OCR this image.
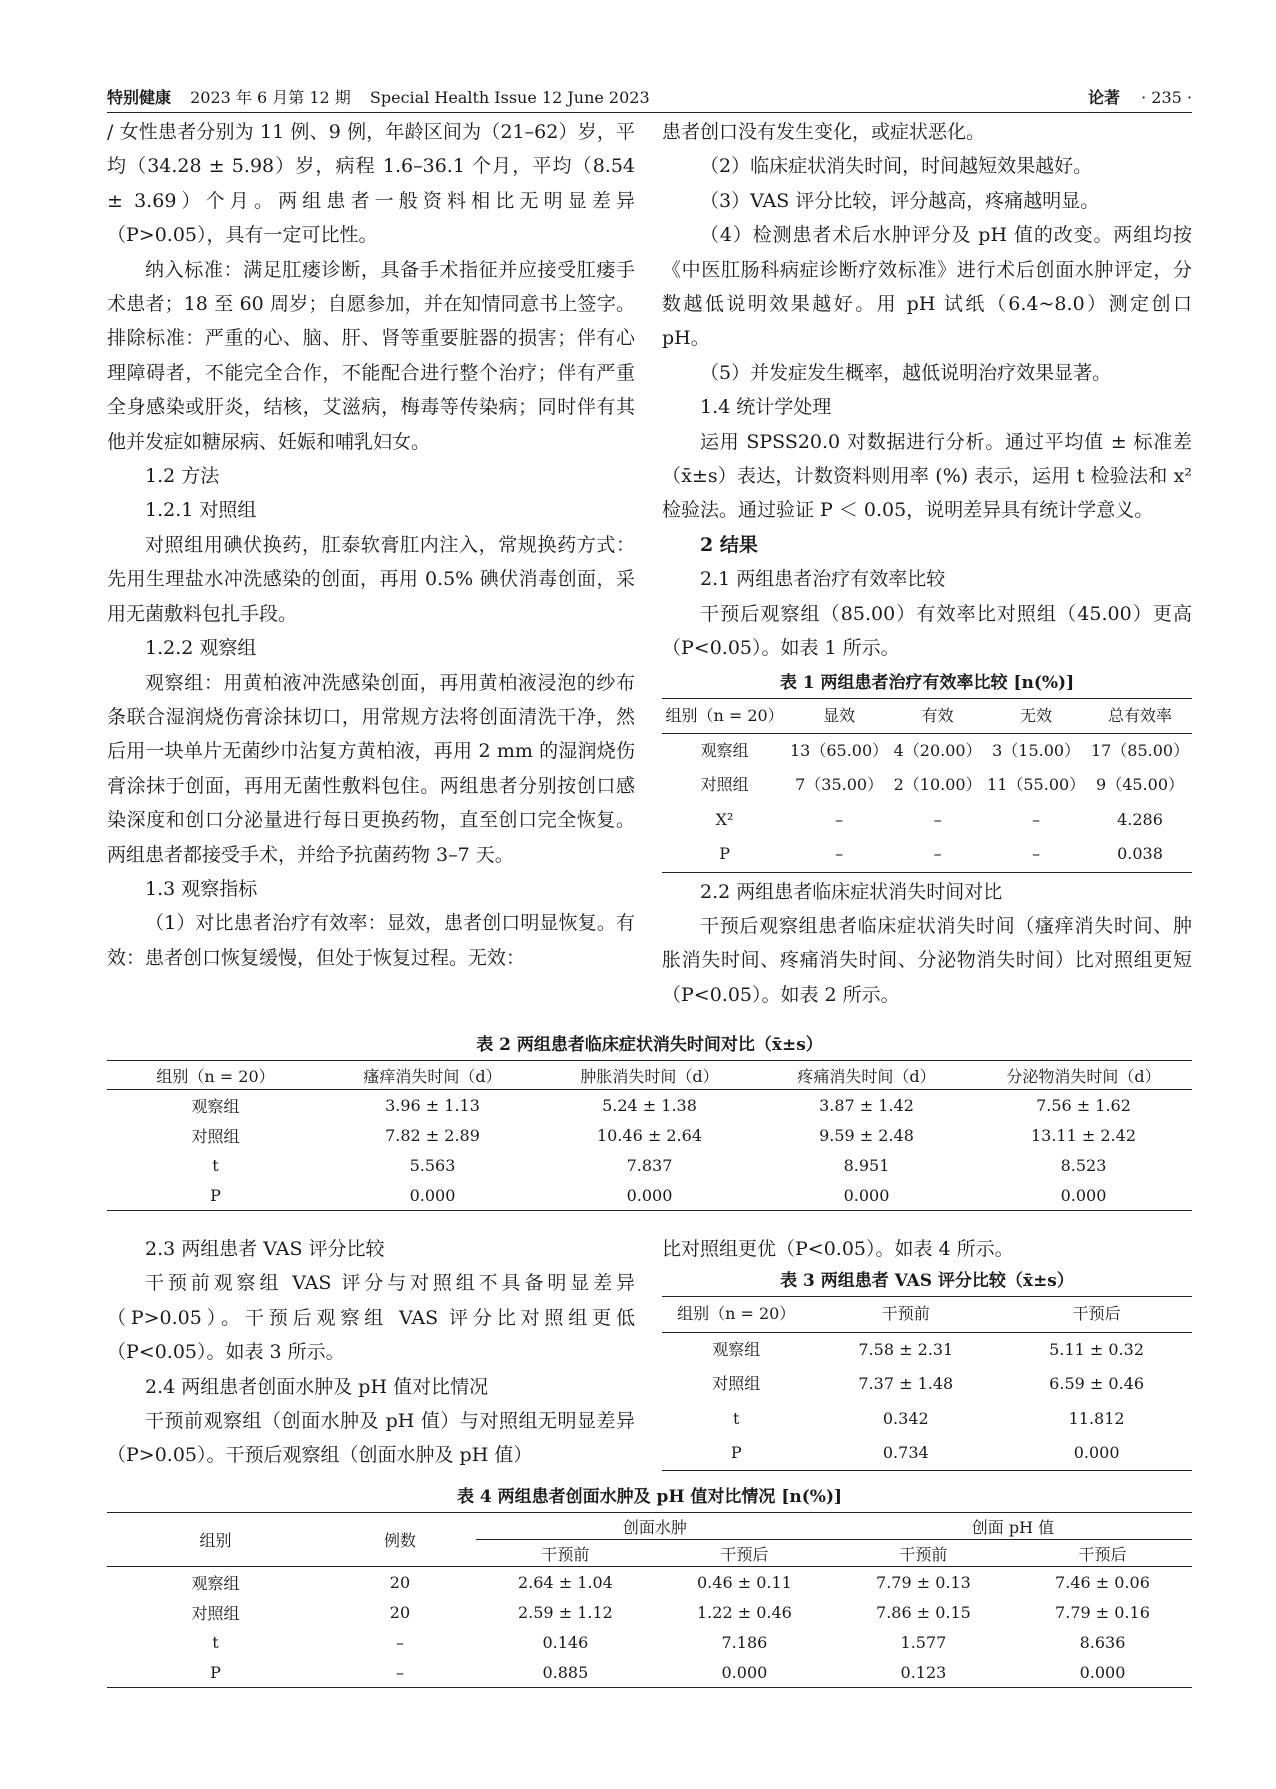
特别健康 2023 年 6 月第 12 期 Special Health Issue 12 June 2023	论著 · 235 ·

/ 女性患者分别为 11 例、9 例，年龄区间为（21–62）岁，平均（34.28 ± 5.98）岁，病程 1.6–36.1 个月，平均（8.54 ± 3.69）个月。两组患者一般资料相比无明显差异（P>0.05），具有一定可比性。

纳入标准：满足肛瘘诊断，具备手术指征并应接受肛瘘手术患者；18 至 60 周岁；自愿参加，并在知情同意书上签字。排除标准：严重的心、脑、肝、肾等重要脏器的损害；伴有心理障碍者，不能完全合作，不能配合进行整个治疗；伴有严重全身感染或肝炎，结核，艾滋病，梅毒等传染病；同时伴有其他并发症如糖尿病、妊娠和哺乳妇女。

1.2 方法

1.2.1 对照组

对照组用碘伏换药，肛泰软膏肛内注入，常规换药方式：先用生理盐水冲洗感染的创面，再用 0.5% 碘伏消毒创面，采用无菌敷料包扎手段。

1.2.2 观察组

观察组：用黄柏液冲洗感染创面，再用黄柏液浸泡的纱布条联合湿润烧伤膏涂抹切口，用常规方法将创面清洗干净，然后用一块单片无菌纱巾沾复方黄柏液，再用 2 mm 的湿润烧伤膏涂抹于创面，再用无菌性敷料包住。两组患者分别按创口感染深度和创口分泌量进行每日更换药物，直至创口完全恢复。两组患者都接受手术，并给予抗菌药物 3–7 天。

1.3 观察指标

（1）对比患者治疗有效率：显效，患者创口明显恢复。有效：患者创口恢复缓慢，但处于恢复过程。无效：

患者创口没有发生变化，或症状恶化。

（2）临床症状消失时间，时间越短效果越好。

（3）VAS 评分比较，评分越高，疼痛越明显。

（4）检测患者术后水肿评分及 pH 值的改变。两组均按《中医肛肠科病症诊断疗效标准》进行术后创面水肿评定，分数越低说明效果越好。用 pH 试纸（6.4~8.0）测定创口 pH。

（5）并发症发生概率，越低说明治疗效果显著。

1.4 统计学处理

运用 SPSS20.0 对数据进行分析。通过平均值 ± 标准差（x̄±s）表达，计数资料则用率 (%) 表示，运用 t 检验法和 x² 检验法。通过验证 P ＜ 0.05，说明差异具有统计学意义。

2 结果

2.1 两组患者治疗有效率比较

干预后观察组（85.00）有效率比对照组（45.00）更高（P<0.05）。如表 1 所示。

表 1 两组患者治疗有效率比较 [n(%)]
组别（n = 20）	显效	有效	无效	总有效率
观察组	13（65.00）	4（20.00）	3（15.00）	17（85.00）
对照组	7（35.00）	2（10.00）	11（55.00）	9（45.00）
X²	–	–	–	4.286
P	–	–	–	0.038

2.2 两组患者临床症状消失时间对比

干预后观察组患者临床症状消失时间（瘙痒消失时间、肿胀消失时间、疼痛消失时间、分泌物消失时间）比对照组更短（P<0.05）。如表 2 所示。

表 2 两组患者临床症状消失时间对比（x̄±s）
组别（n = 20）	瘙痒消失时间（d）	肿胀消失时间（d）	疼痛消失时间（d）	分泌物消失时间（d）
观察组	3.96 ± 1.13	5.24 ± 1.38	3.87 ± 1.42	7.56 ± 1.62
对照组	7.82 ± 2.89	10.46 ± 2.64	9.59 ± 2.48	13.11 ± 2.42
t	5.563	7.837	8.951	8.523
P	0.000	0.000	0.000	0.000

2.3 两组患者 VAS 评分比较

干预前观察组 VAS 评分与对照组不具备明显差异（P>0.05）。干预后观察组 VAS 评分比对照组更低（P<0.05）。如表 3 所示。

2.4 两组患者创面水肿及 pH 值对比情况

干预前观察组（创面水肿及 pH 值）与对照组无明显差异（P>0.05）。干预后观察组（创面水肿及 pH 值）

比对照组更优（P<0.05）。如表 4 所示。

表 3 两组患者 VAS 评分比较（x̄±s）
组别（n = 20）	干预前	干预后
观察组	7.58 ± 2.31	5.11 ± 0.32
对照组	7.37 ± 1.48	6.59 ± 0.46
t	0.342	11.812
P	0.734	0.000
表 4 两组患者创面水肿及 pH 值对比情况 [n(%)]
组别	例数	创面水肿		创面 pH 值	
		干预前	干预后	干预前	干预后
观察组	20	2.64 ± 1.04	0.46 ± 0.11	7.79 ± 0.13	7.46 ± 0.06
对照组	20	2.59 ± 1.12	1.22 ± 0.46	7.86 ± 0.15	7.79 ± 0.16
t	–	0.146	7.186	1.577	8.636
P	–	0.885	0.000	0.123	0.000
